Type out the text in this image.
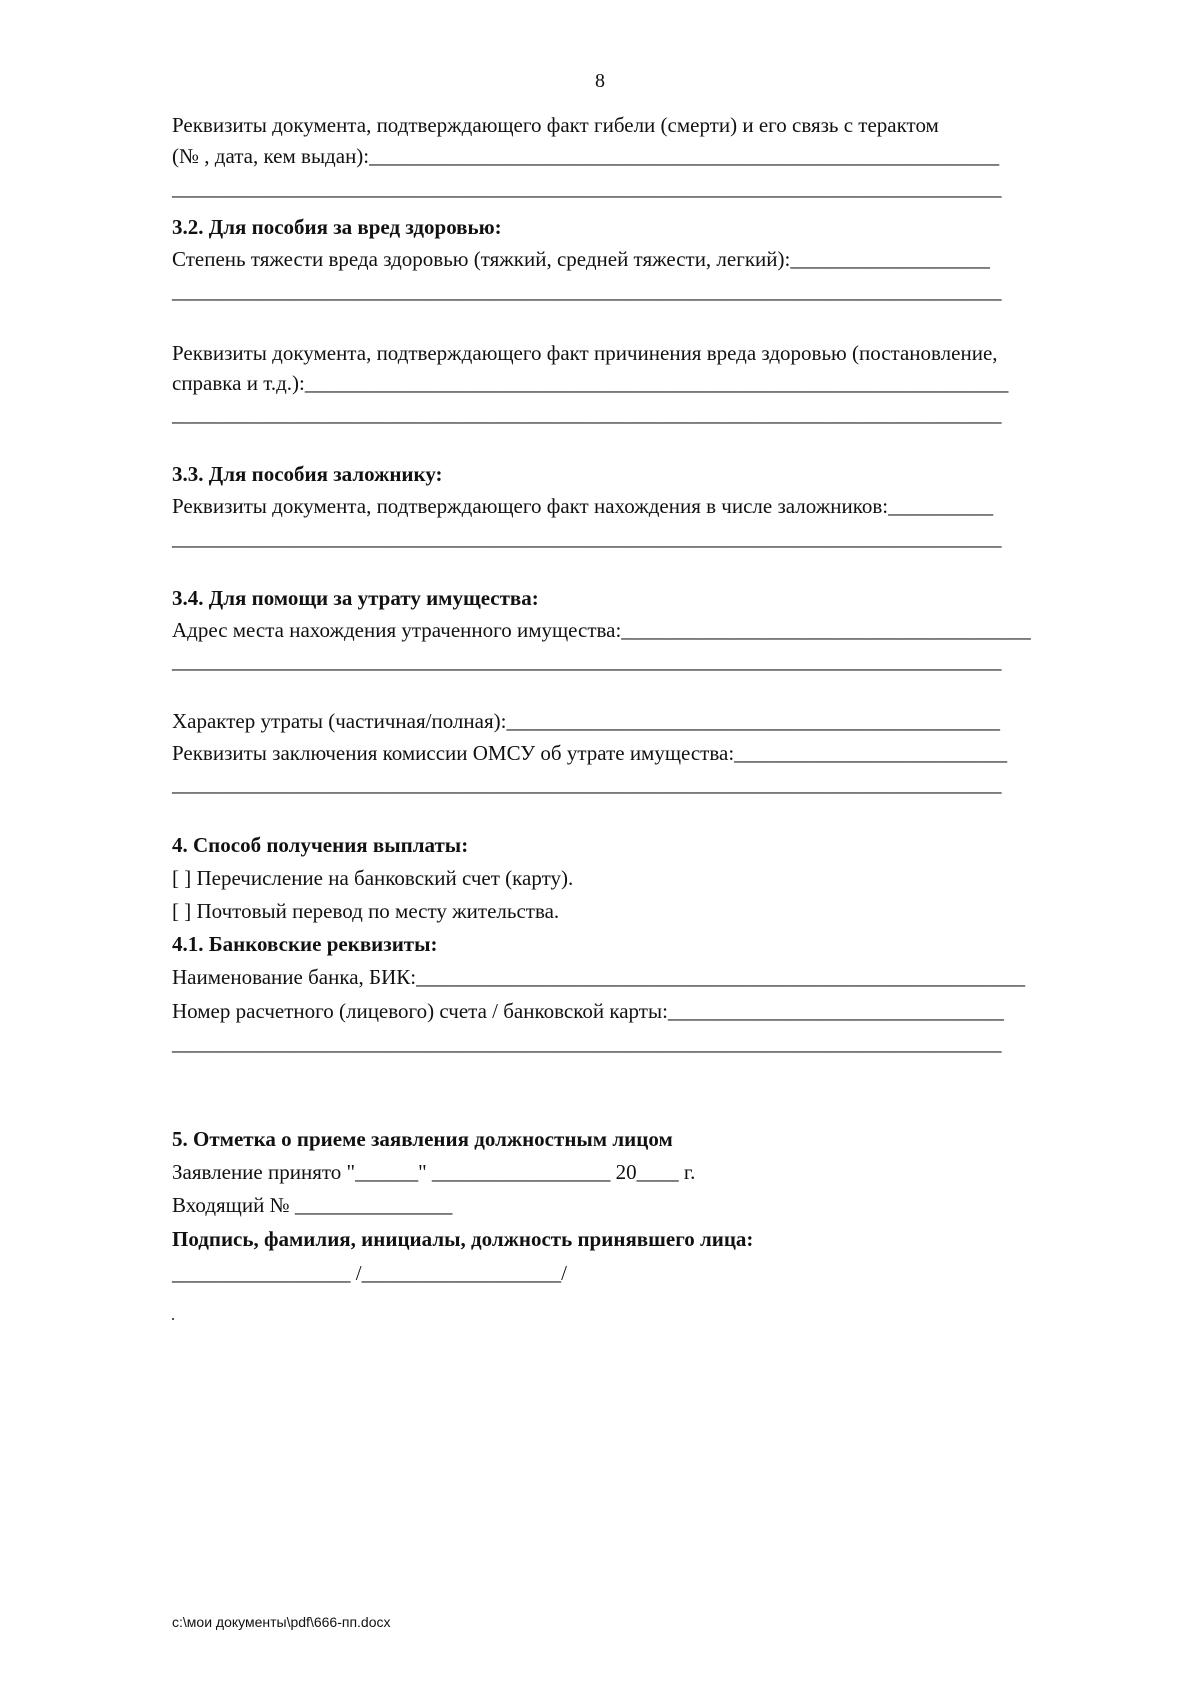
8

Реквизиты документа, подтверждающего факт гибели (смерти) и его связь с терактом

(№ , дата, кем выдан):____________________________________________________________

_______________________________________________________________________________

3.2. Для пособия за вред здоровью:

Степень тяжести вреда здоровью (тяжкий, средней тяжести, легкий):___________________

_______________________________________________________________________________

Реквизиты документа, подтверждающего факт причинения вреда здоровью (постановление,

справка и т.д.):___________________________________________________________________

_______________________________________________________________________________

3.3. Для пособия заложнику:

Реквизиты документа, подтверждающего факт нахождения в числе заложников:__________

_______________________________________________________________________________

3.4. Для помощи за утрату имущества:

Адрес места нахождения утраченного имущества:_______________________________________

_______________________________________________________________________________

Характер утраты (частичная/полная):_______________________________________________

Реквизиты заключения комиссии ОМСУ об утрате имущества:__________________________

_______________________________________________________________________________

4. Способ получения выплаты:

[ ] Перечисление на банковский счет (карту).

[ ] Почтовый перевод по месту жительства.

4.1. Банковские реквизиты:

Наименование банка, БИК:__________________________________________________________

Номер расчетного (лицевого) счета / банковской карты:________________________________

_______________________________________________________________________________

5. Отметка о приеме заявления должностным лицом

Заявление принято "______" _________________ 20____ г.

Входящий № _______________

Подпись, фамилия, инициалы, должность принявшего лица:

_________________ /___________________/

c:\мои документы\pdf\666-пп.docx
